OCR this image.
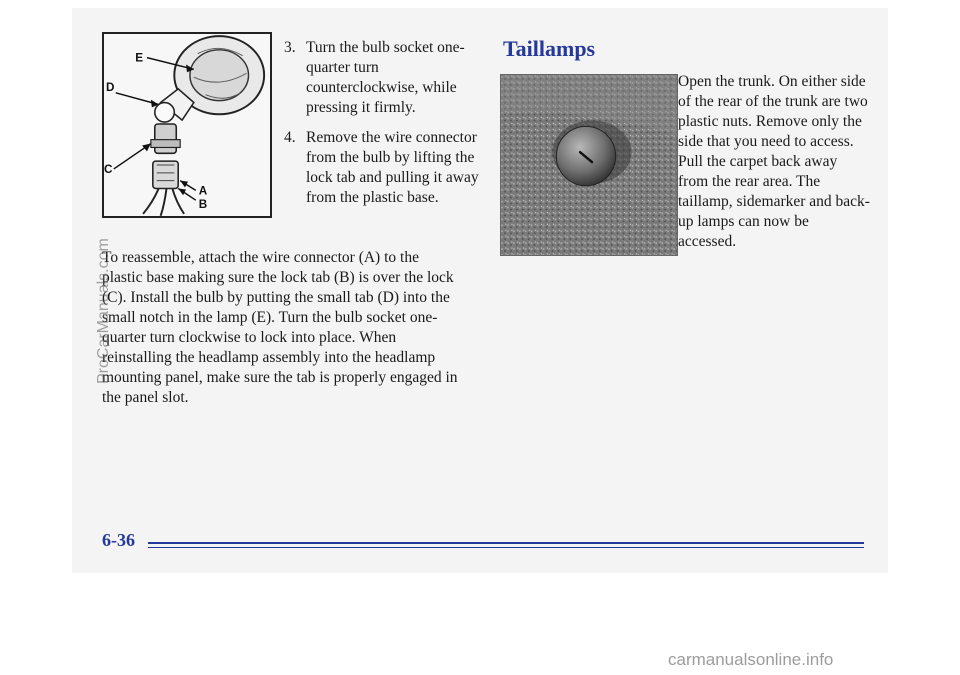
E
D
C
A
B
3. Turn the bulb socket one-quarter turn counterclockwise, while pressing it firmly.
4. Remove the wire connector from the bulb by lifting the lock tab and pulling it away from the plastic base.

To reassemble, attach the wire connector (A) to the plastic base making sure the lock tab (B) is over the lock (C). Install the bulb by putting the small tab (D) into the small notch in the lamp (E). Turn the bulb socket one-quarter turn clockwise to lock into place. When reinstalling the headlamp assembly into the headlamp mounting panel, make sure the tab is properly engaged in the panel slot.

Taillamps

Open the trunk. On either side of the rear of the trunk are two plastic nuts. Remove only the side that you need to access. Pull the carpet back away from the rear area. The taillamp, sidemarker and back-up lamps can now be accessed.

6-36
ProCarManuals.com
carmanualsonline.info
